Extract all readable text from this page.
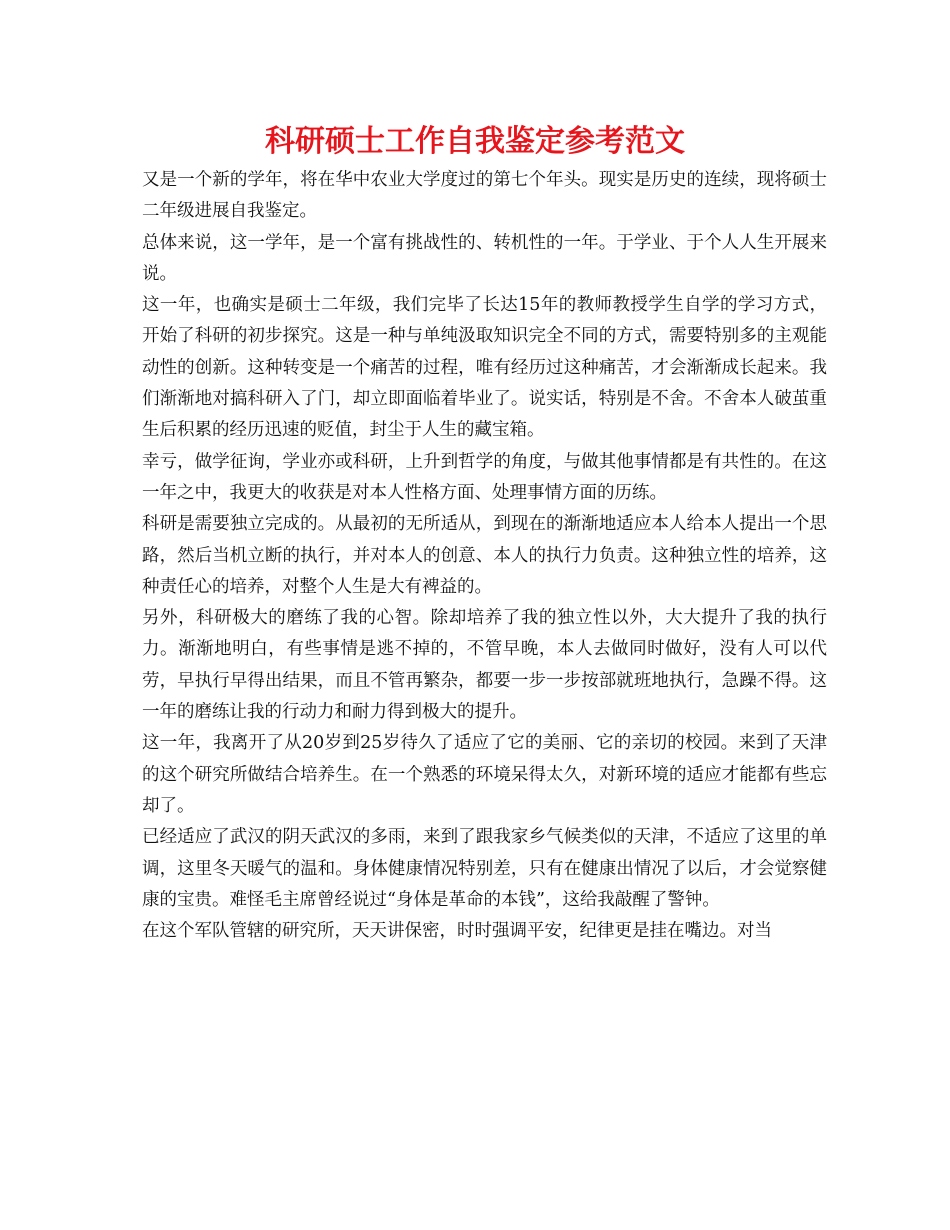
科研硕士工作自我鉴定参考范文

又是一个新的学年，将在华中农业大学度过的第七个年头。现实是历史的连续，现将硕士二年级进展自我鉴定。

总体来说，这一学年，是一个富有挑战性的、转机性的一年。于学业、于个人人生开展来说。

这一年，也确实是硕士二年级，我们完毕了长达15年的教师教授学生自学的学习方式，开始了科研的初步探究。这是一种与单纯汲取知识完全不同的方式，需要特别多的主观能动性的创新。这种转变是一个痛苦的过程，唯有经历过这种痛苦，才会渐渐成长起来。我们渐渐地对搞科研入了门，却立即面临着毕业了。说实话，特别是不舍。不舍本人破茧重生后积累的经历迅速的贬值，封尘于人生的藏宝箱。

幸亏，做学征询，学业亦或科研，上升到哲学的角度，与做其他事情都是有共性的。在这一年之中，我更大的收获是对本人性格方面、处理事情方面的历练。

科研是需要独立完成的。从最初的无所适从，到现在的渐渐地适应本人给本人提出一个思路，然后当机立断的执行，并对本人的创意、本人的执行力负责。这种独立性的培养，这种责任心的培养，对整个人生是大有裨益的。

另外，科研极大的磨练了我的心智。除却培养了我的独立性以外，大大提升了我的执行力。渐渐地明白，有些事情是逃不掉的，不管早晚，本人去做同时做好，没有人可以代劳，早执行早得出结果，而且不管再繁杂，都要一步一步按部就班地执行，急躁不得。这一年的磨练让我的行动力和耐力得到极大的提升。

这一年，我离开了从20岁到25岁待久了适应了它的美丽、它的亲切的校园。来到了天津的这个研究所做结合培养生。在一个熟悉的环境呆得太久，对新环境的适应才能都有些忘却了。

已经适应了武汉的阴天武汉的多雨，来到了跟我家乡气候类似的天津，不适应了这里的单调，这里冬天暖气的温和。身体健康情况特别差，只有在健康出情况了以后，才会觉察健康的宝贵。难怪毛主席曾经说过“身体是革命的本钱”，这给我敲醒了警钟。

在这个军队管辖的研究所，天天讲保密，时时强调平安，纪律更是挂在嘴边。对当
